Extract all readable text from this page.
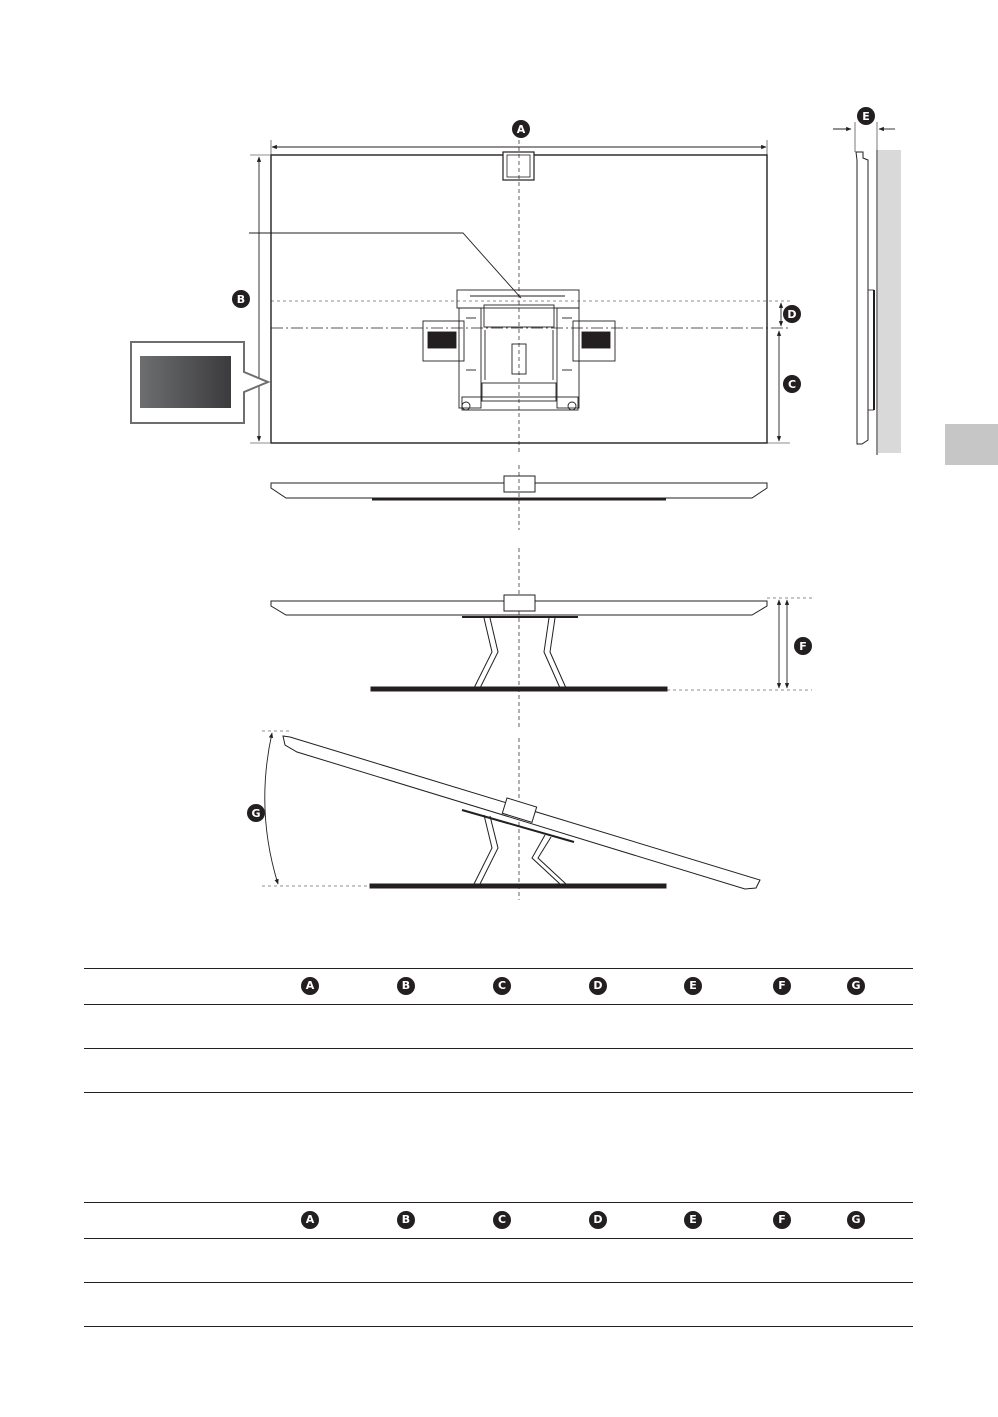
A
B
C
D
E
F
G
A	B	C	D	E	F	G
A	B	C	D	E	F	G
